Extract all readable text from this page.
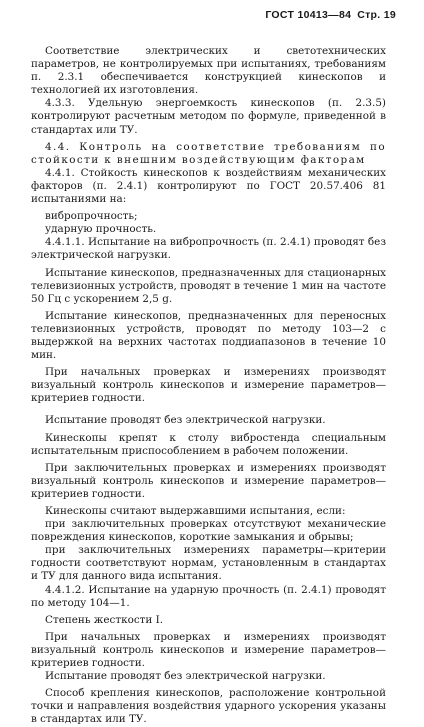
ГОСТ 10413—84 Стр. 19

Соответствие электрических и светотехнических параметров, не контролируемых при испытаниях, требованиям п. 2.3.1 обеспечивается конструкцией кинескопов и технологией их изготовления.

4.3.3. Удельную энергоемкость кинескопов (п. 2.3.5) контролируют расчетным методом по формуле, приведенной в стандартах или ТУ.

4.4. Контроль на соответствие требованиям по стойкости к внешним воздействующим факторам

4.4.1. Стойкость кинескопов к воздействиям механических факторов (п. 2.4.1) контролируют по ГОСТ 20.57.406 81 испытаниями на:

вибропрочность;

ударную прочность.

4.4.1.1. Испытание на вибропрочность (п. 2.4.1) проводят без электрической нагрузки.

Испытание кинескопов, предназначенных для стационарных телевизионных устройств, проводят в течение 1 мин на частоте 50 Гц с ускорением 2,5 g.

Испытание кинескопов, предназначенных для переносных телевизионных устройств, проводят по методу 103—2 с выдержкой на верхних частотах поддиапазонов в течение 10 мин.

При начальных проверках и измерениях производят визуальный контроль кинескопов и измерение параметров—критериев годности.

Испытание проводят без электрической нагрузки.

Кинескопы крепят к столу вибростенда специальным испытательным приспособлением в рабочем положении.

При заключительных проверках и измерениях производят визуальный контроль кинескопов и измерение параметров—критериев годности.

Кинескопы считают выдержавшими испытания, если:

при заключительных проверках отсутствуют механические повреждения кинескопов, короткие замыкания и обрывы;

при заключительных измерениях параметры—критерии годности соответствуют нормам, установленным в стандартах и ТУ для данного вида испытания.

4.4.1.2. Испытание на ударную прочность (п. 2.4.1) проводят по методу 104—1.

Степень жесткости I.

При начальных проверках и измерениях производят визуальный контроль кинескопов и измерение параметров—критериев годности.

Испытание проводят без электрической нагрузки.

Способ крепления кинескопов, расположение контрольной точки и направления воздействия ударного ускорения указаны в стандартах или ТУ.
